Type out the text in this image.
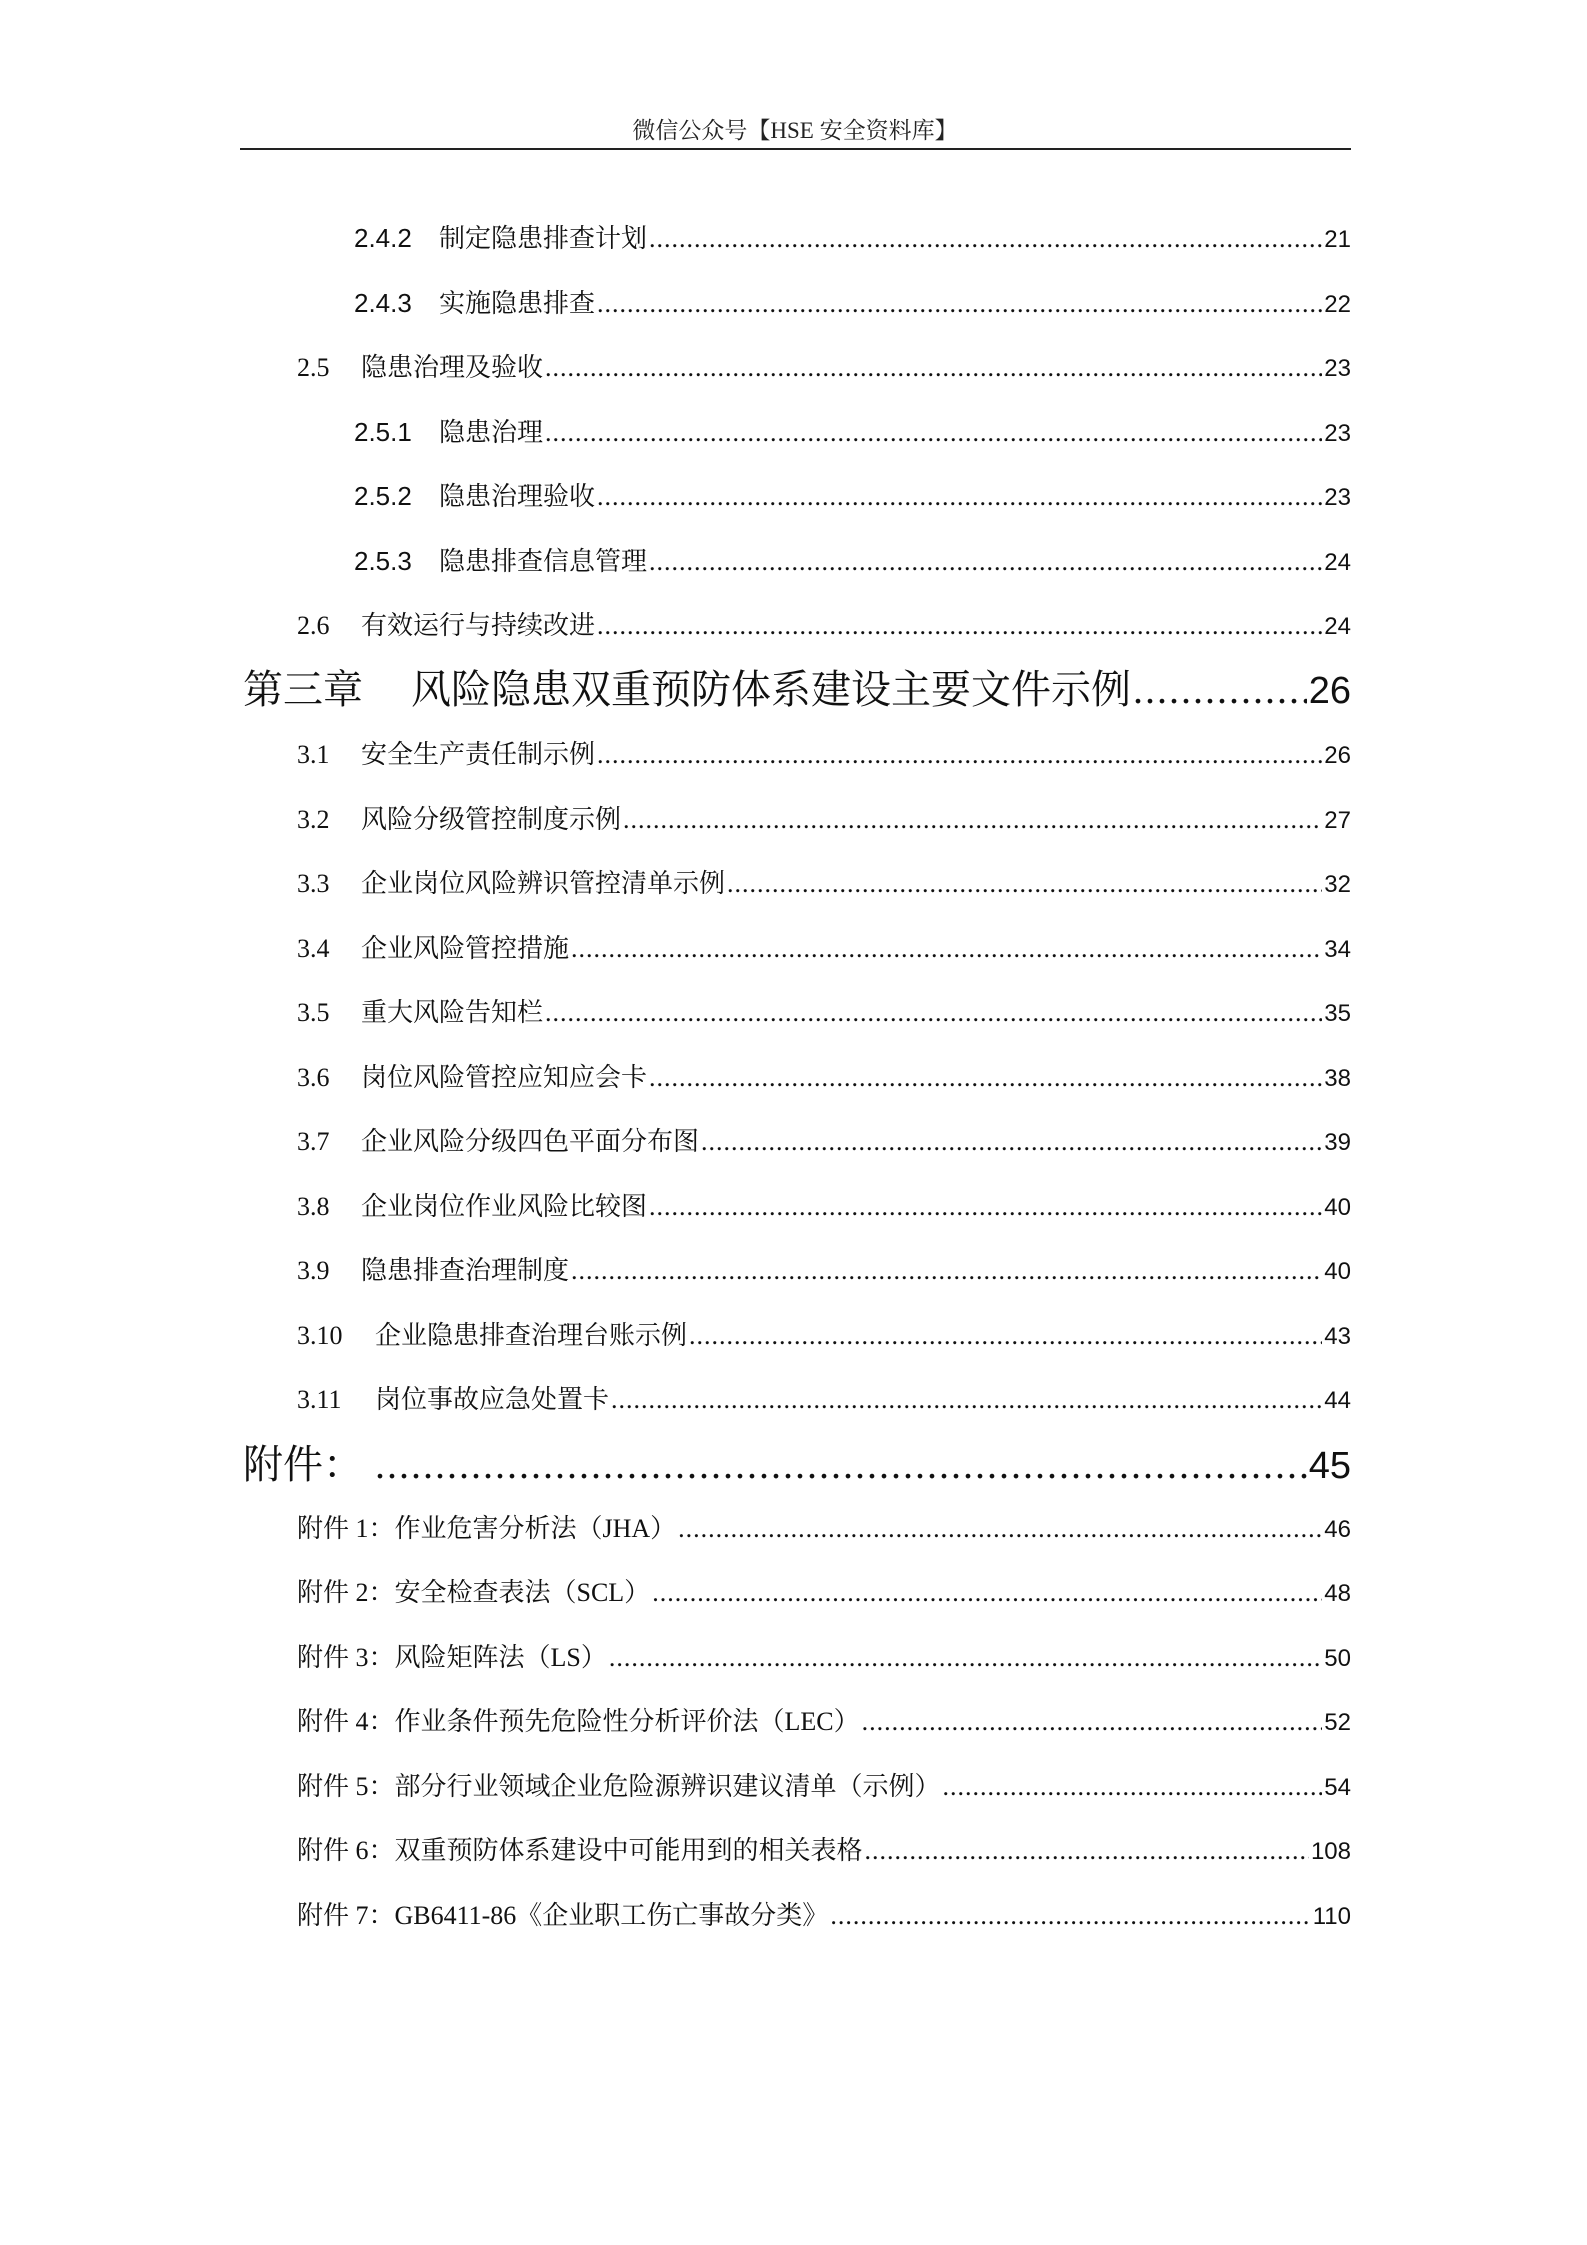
微信公众号【HSE 安全资料库】
2.4.2	制定隐患排查计划 .....	21
2.4.3	实施隐患排查 .....	22
2.5	隐患治理及验收 .....	23
2.5.1	隐患治理 .....	23
2.5.2	隐患治理验收 .....	23
2.5.3	隐患排查信息管理 .....	24
2.6	有效运行与持续改进 .....	24
第三章	风险隐患双重预防体系建设主要文件示例 .....	26
3.1	安全生产责任制示例 .....	26
3.2	风险分级管控制度示例 .....	27
3.3	企业岗位风险辨识管控清单示例 .....	32
3.4	企业风险管控措施 .....	34
3.5	重大风险告知栏 .....	35
3.6	岗位风险管控应知应会卡 .....	38
3.7	企业风险分级四色平面分布图 .....	39
3.8	企业岗位作业风险比较图 .....	40
3.9	隐患排查治理制度 .....	40
3.10	企业隐患排查治理台账示例 .....	43
3.11	岗位事故应急处置卡 .....	44
附件： .....	45
附件 1：作业危害分析法（JHA） .....	46
附件 2：安全检查表法（SCL） .....	48
附件 3：风险矩阵法（LS） .....	50
附件 4：作业条件预先危险性分析评价法（LEC） .....	52
附件 5：部分行业领域企业危险源辨识建议清单（示例） .....	54
附件 6：双重预防体系建设中可能用到的相关表格 .....	108
附件 7：GB6411-86《企业职工伤亡事故分类》 .....	110
